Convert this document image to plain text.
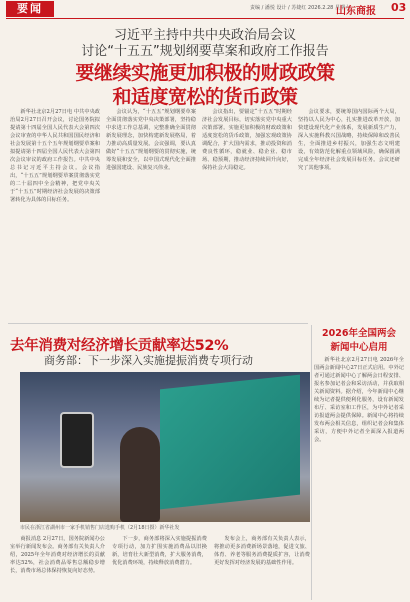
要闻	责编 / 潘悦 设计 / 苏婕红 2026.2.28 星期六
山东商报 03
习近平主持中共中央政治局会议
讨论“十五五”规划纲要草案和政府工作报告
要继续实施更加积极的财政政策
和适度宽松的货币政策

新华社北京2月27日电 中共中央政治局2月27日召开会议，讨论国务院拟提请第十四届全国人民代表大会第四次会议审查的中华人民共和国国民经济和社会发展第十五个五年规划纲要草案和拟提请第十四届全国人民代表大会第四次会议审议的政府工作报告。中共中央总书记习近平主持会议。会议指出，“十五五”规划纲要草案贯彻落实党的二十届四中全会精神，把党中央关于“十五五”时期经济社会发展的决策部署转化为具体的目标任务。

会议认为，“十五五”规划纲要草案全面贯彻落实党中央决策部署，坚持稳中求进工作总基调，完整准确全面贯彻新发展理念，加快构建新发展格局，着力推动高质量发展。会议强调，要认真做好“十五五”规划纲要的贯彻实施，统筹发展和安全，以中国式现代化全面推进强国建设、民族复兴伟业。

会议指出，要锚定“十五五”时期经济社会发展目标，切实落实党中央重大决策部署。实施更加积极的财政政策和适度宽松的货币政策，加强宏观政策协调配合，扩大国内需求，推动投资和消费良性循环，稳就业、稳企业、稳市场、稳预期，推动经济持续回升向好，保持社会大局稳定。

会议要求，要统筹国内国际两个大局，坚持以人民为中心，扎实推进改革开放，加快建设现代化产业体系，发展新质生产力，深入实施科教兴国战略，持续保障和改善民生，全面推进乡村振兴，加强生态文明建设，有效防范化解重点领域风险，确保圆满完成全年经济社会发展目标任务。会议还研究了其他事项。

去年消费对经济增长贡献率达52%
商务部：下一步深入实施提振消费专项行动
市民在浙江省湖州市一家手机销售门店选购手机（2月18日摄）新华社发

商报消息 2月27日，国务院新闻办公室举行新闻发布会。商务部有关负责人介绍，2025年全年消费对经济增长的贡献率达52%，社会消费品零售总额稳步增长，消费市场总体保持恢复向好态势。

下一步，商务部将深入实施提振消费专项行动，加力扩围实施消费品以旧换新，培育壮大新型消费，扩大服务消费，优化消费环境，持续释放消费潜力。

发布会上，商务部有关负责人表示，将推动更多消费新场景落地，促进文旅、体育、养老等服务消费提质扩容，让消费更好发挥对经济发展的基础性作用。

2026年全国两会
新闻中心启用

新华社北京2月27日电 2026年全国两会新闻中心27日正式启用。中外记者可通过新闻中心了解两会日程安排、报名参加记者会和采访活动，并获取相关新闻资料。据介绍，今年新闻中心继续为记者提供便利化服务，设有新闻发布厅、采访室和工作区，为中外记者采访报道两会提供保障。新闻中心将持续发布两会相关信息，组织记者会和集体采访，方便中外记者全面深入报道两会。
